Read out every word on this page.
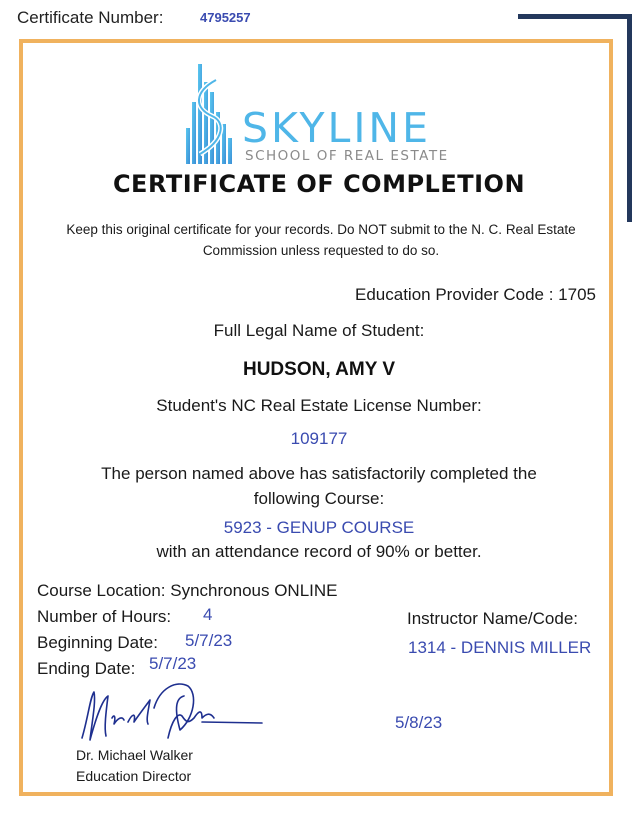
Certificate Number:	4795257
SKYLINE
SCHOOL OF REAL ESTATE
CERTIFICATE OF COMPLETION
Keep this original certificate for your records. Do NOT submit to the N. C. Real Estate Commission unless requested to do so.
Education Provider Code : 1705
Full Legal Name of Student:
HUDSON, AMY V
Student's NC Real Estate License Number:
109177
The person named above has satisfactorily completed the
following Course:
5923 - GENUP COURSE
with an attendance record of 90% or better.
Course Location: Synchronous ONLINE
Number of Hours: 4
Beginning Date: 5/7/23
Ending Date: 5/7/23
Instructor Name/Code:
1314 - DENNIS MILLER
5/8/23
Dr. Michael Walker
Education Director
